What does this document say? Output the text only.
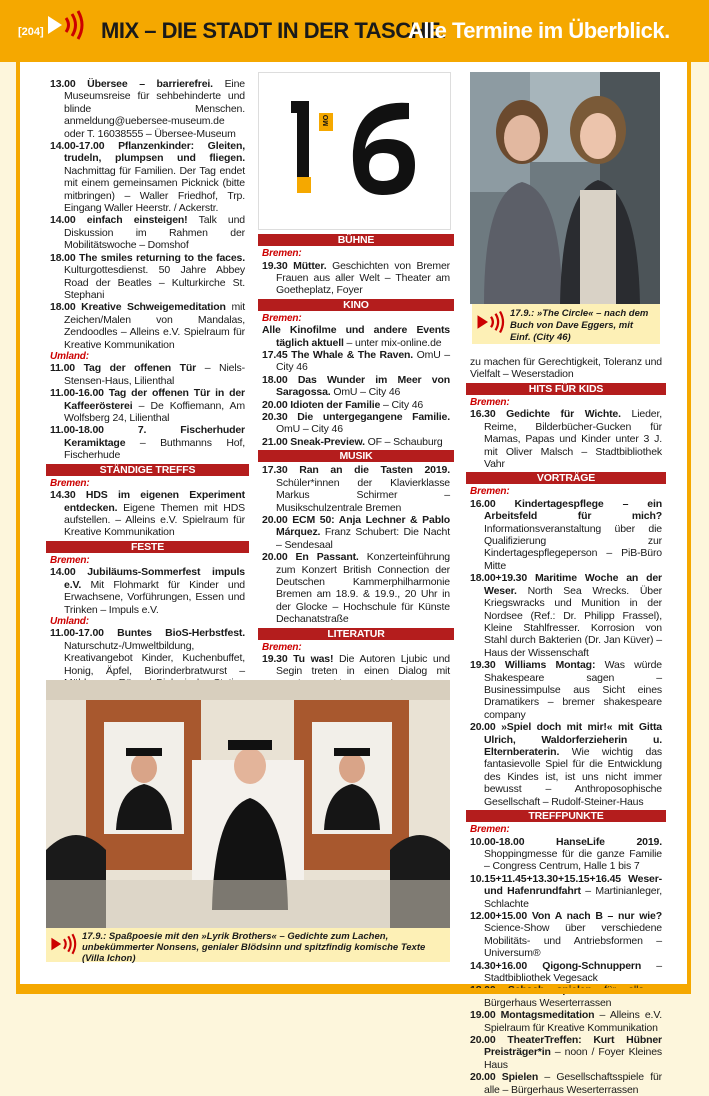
[204]	MIX – DIE STADT IN DER TASCHE.
Alle Termine im Überblick.
13.00 Übersee – barrierefrei. Eine Museumsreise für sehbehinderte und blinde Menschen. anmeldung@uebersee-museum.de oder T. 16038555 – Übersee-Museum
14.00-17.00 Pflanzenkinder: Gleiten, trudeln, plumpsen und fliegen. Nachmittag für Familien. Der Tag endet mit einem gemeinsamen Picknick (bitte mitbringen) – Waller Friedhof, Trp. Eingang Waller Heerstr. / Ackerstr.
14.00 einfach einsteigen! Talk und Diskussion im Rahmen der Mobilitätswoche – Domshof
18.00 The smiles returning to the faces. Kulturgottesdienst. 50 Jahre Abbey Road der Beatles – Kulturkirche St. Stephani
18.00 Kreative Schweigemeditation mit Zeichen/Malen von Mandalas, Zendoodles – Alleins e.V. Spielraum für Kreative Kommunikation
Umland:
11.00 Tag der offenen Tür – Niels-Stensen-Haus, Lilienthal
11.00-16.00 Tag der offenen Tür in der Kaffeerösterei – De Koffiemann, Am Wolfsberg 24, Lilienthal
11.00-18.00 7. Fischerhuder Keramiktage – Buthmanns Hof, Fischerhude
STÄNDIGE TREFFS
Bremen:
14.30 HDS im eigenen Experiment entdecken. Eigene Themen mit HDS aufstellen. – Alleins e.V. Spielraum für Kreative Kommunikation
FESTE
Bremen:
14.00 Jubiläums-Sommerfest impuls e.V. Mit Flohmarkt für Kinder und Erwachsene, Vorführungen, Essen und Trinken – Impuls e.V.
Umland:
11.00-17.00 Buntes BioS-Herbstfest. Naturschutz-/Umweltbildung, Kreativangebot Kinder, Kuchenbuffet, Honig, Äpfel, Biorinderbratwurst –
MO
BÜHNE
Bremen:
19.30 Mütter. Geschichten von Bremer Frauen aus aller Welt – Theater am Goetheplatz, Foyer
KINO
Bremen:
Alle Kinofilme und andere Events täglich aktuell – unter mix-online.de
17.45 The Whale & The Raven. OmU – City 46
18.00 Das Wunder im Meer von Saragossa. OmU – City 46
20.00 Idioten der Familie – City 46
20.30 Die untergegangene Familie. OmU – City 46
21.00 Sneak-Preview. OF – Schauburg
MUSIK
17.30 Ran an die Tasten 2019. Schüler*innen der Klavierklasse Markus Schirmer – Musikschulzentrale Bremen
20.00 ECM 50: Anja Lechner & Pablo Márquez. Franz Schubert: Die Nacht – Sendesaal
20.00 En Passant. Konzerteinführung zum Konzert British Connection der Deutschen Kammerphilharmonie Bremen am 18.9. & 19.9., 20 Uhr in der Glocke – Hochschule für Künste Dechanatstraße
LITERATUR
Bremen:
19.30 Tu was! Die Autoren Ljubic und Segin treten in einen Dialog mit
17.9.: »The Circle« – nach dem Buch von Dave Eggers, mit Einf. (City 46)
zu machen für Gerechtigkeit, Toleranz und Vielfalt – Weserstadion
HITS FÜR KIDS
Bremen:
16.30 Gedichte für Wichte. Lieder, Reime, Bilderbücher-Gucken für Mamas, Papas und Kinder unter 3 J. mit Oliver Malsch – Stadtbibliothek Vahr
VORTRÄGE
Bremen:
16.00 Kindertagespflege – ein Arbeitsfeld für mich? Informationsveranstaltung über die Qualifizierung zur Kindertagespflegeperson – PiB-Büro Mitte
18.00+19.30 Maritime Woche an der Weser. North Sea Wrecks. Über Kriegswracks und Munition in der Nordsee (Ref.: Dr. Philipp Frassel), Kleine Stahlfresser. Korrosion von Stahl durch Bakterien (Dr. Jan Küver) – Haus der Wissenschaft
19.30 Williams Montag: Was würde Shakespeare sagen – Businessimpulse aus Sicht eines Dramatikers – bremer shakespeare company
20.00 »Spiel doch mit mir!« mit Gitta Ulrich, Waldorferzieherin u. Elternberaterin. Wie wichtig das fantasievolle Spiel für die Entwicklung des Kindes ist, ist uns nicht immer bewusst – Anthroposophische Gesellschaft – Rudolf-Steiner-Haus
TREFFPUNKTE
Bremen:
10.00-18.00 HanseLife 2019. Shoppingmesse für die ganze Familie – Congress Centrum, Halle 1 bis 7
10.15+11.45+13.30+15.15+16.45 Weser- und Hafenrundfahrt – Martinianleger, Schlachte
12.00+15.00 Von A nach B – nur wie? Science-Show über verschiedene Mobilitäts- und Antriebsformen – Universum®
14.30+16.00 Qigong-Schnuppern – Stadtbibliothek Vegesack
Bürgerhaus Weserterrassen
19.00 Montagsmeditation – Alleins e.V. Spielraum für Kreative Kommunikation
20.00 TheaterTreffen: Kurt Hübner Preisträger*in – noon / Foyer Kleines Haus
20.00 Spielen – Gesellschaftsspiele für alle – Bürgerhaus Weserterrassen
17.9.: Spaßpoesie mit den »Lyrik Brothers« – Gedichte zum Lachen, unbekümmerter Nonsens, genialer Blödsinn und spitzfindig komische Texte (Villa Ichon)
